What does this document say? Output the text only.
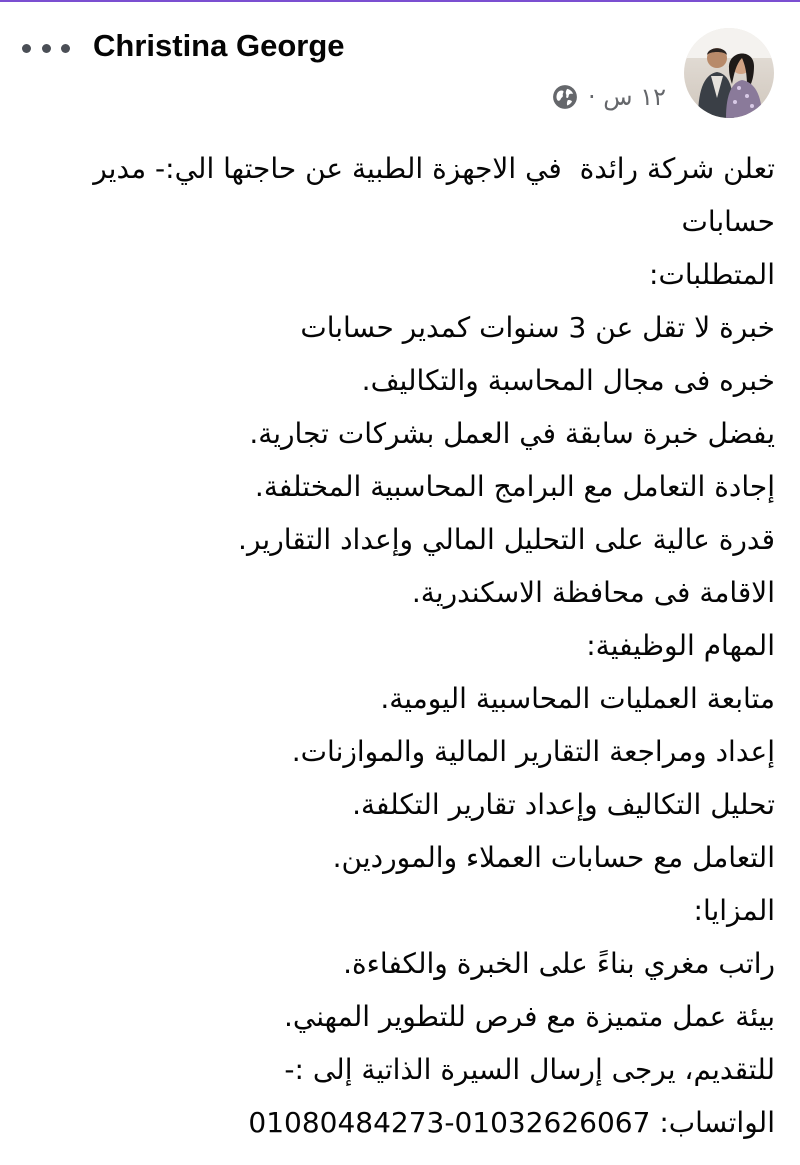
Christina George
١٢ س ·
تعلن شركة رائدة  في الاجهزة الطبية عن حاجتها الي:- مدير
حسابات
المتطلبات:
خبرة لا تقل عن 3 سنوات كمدير حسابات
خبره فى مجال المحاسبة والتكاليف.
يفضل خبرة سابقة في العمل بشركات تجارية.
إجادة التعامل مع البرامج المحاسبية المختلفة.
قدرة عالية على التحليل المالي وإعداد التقارير.
الاقامة فى محافظة الاسكندرية.
المهام الوظيفية:
متابعة العمليات المحاسبية اليومية.
إعداد ومراجعة التقارير المالية والموازنات.
تحليل التكاليف وإعداد تقارير التكلفة.
التعامل مع حسابات العملاء والموردين.
المزايا:
راتب مغري بناءً على الخبرة والكفاءة.
بيئة عمل متميزة مع فرص للتطوير المهني.
للتقديم، يرجى إرسال السيرة الذاتية إلى :-
الواتساب: 01032626067-01080484273
